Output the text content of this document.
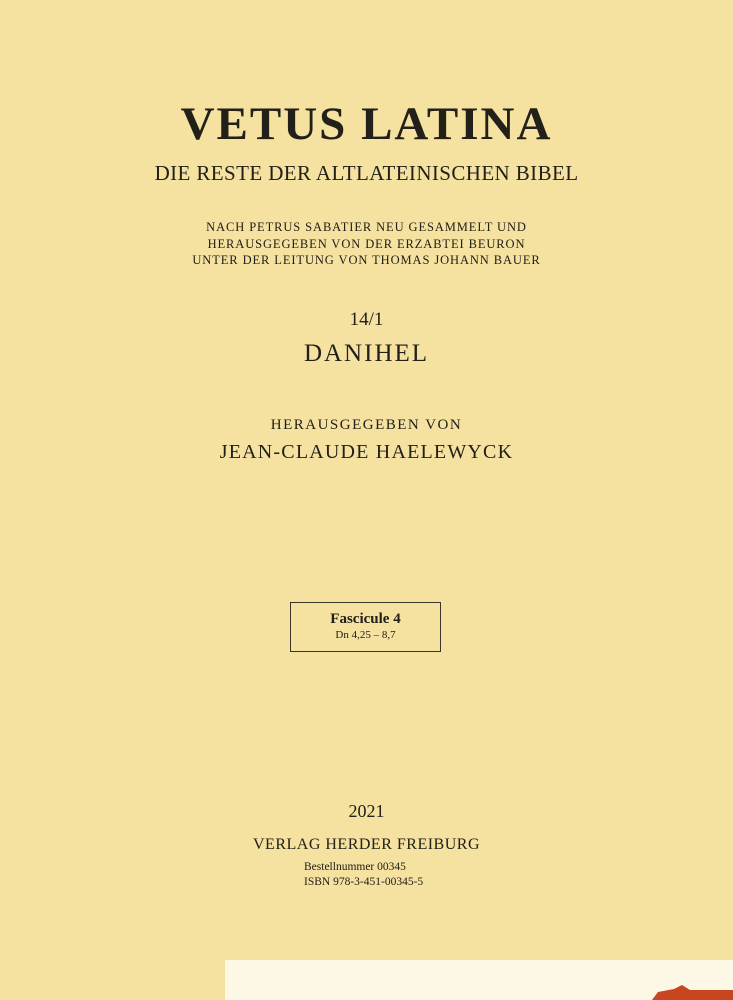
VETUS LATINA

DIE RESTE DER ALTLATEINISCHEN BIBEL

NACH PETRUS SABATIER NEU GESAMMELT UND

HERAUSGEGEBEN VON DER ERZABTEI BEURON

UNTER DER LEITUNG VON THOMAS JOHANN BAUER

14/1

DANIHEL

HERAUSGEGEBEN VON

JEAN-CLAUDE HAELEWYCK

Fascicule 4
Dn 4,25 – 8,7

2021

VERLAG HERDER FREIBURG

Bestellnummer 00345

ISBN 978-3-451-00345-5
